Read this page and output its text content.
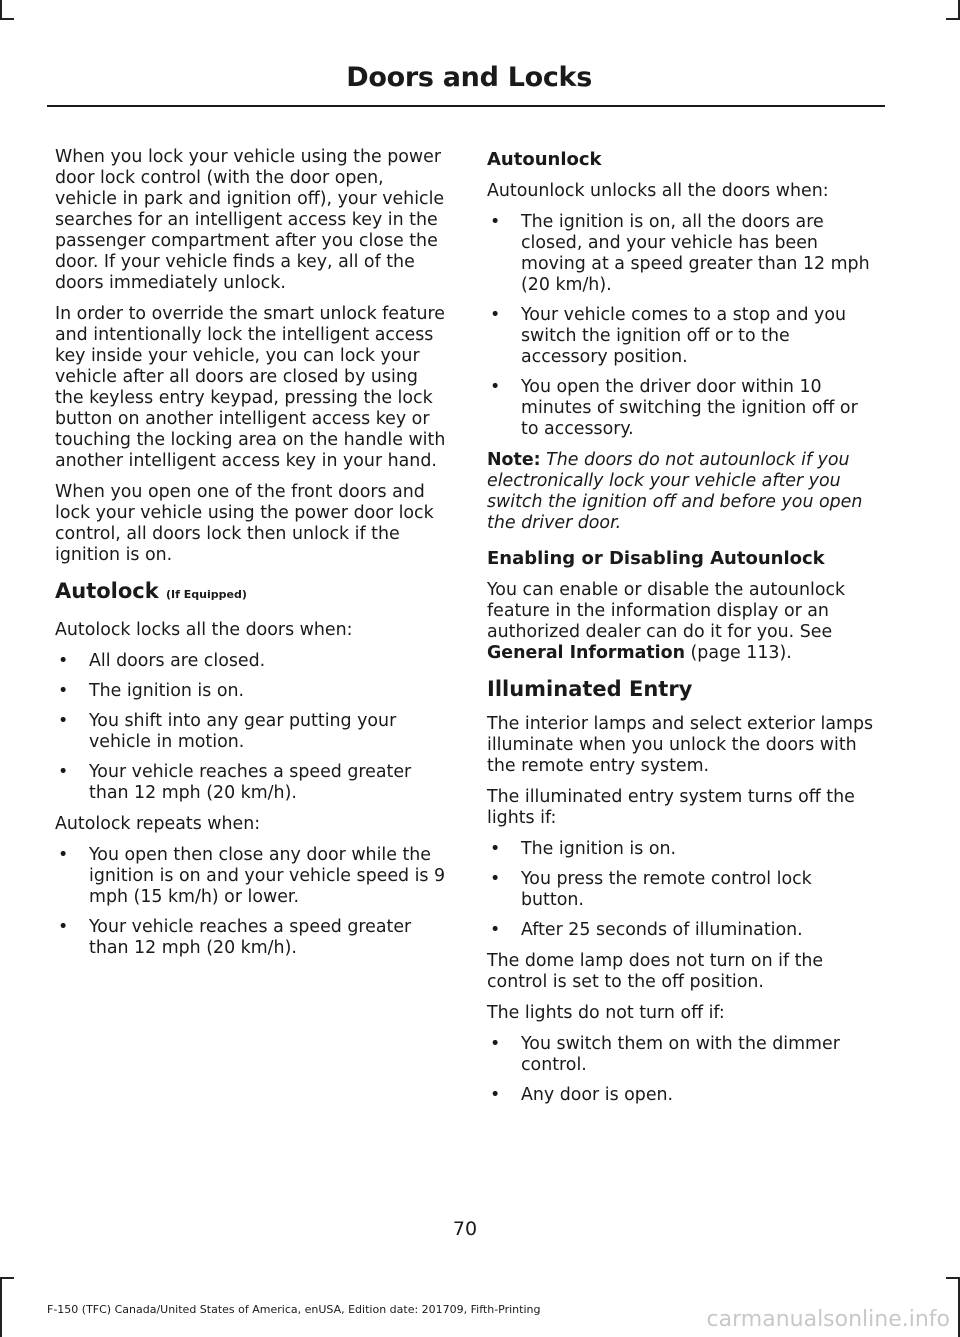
Doors and Locks

When you lock your vehicle using the power door lock control (with the door open, vehicle in park and ignition off), your vehicle searches for an intelligent access key in the passenger compartment after you close the door. If your vehicle finds a key, all of the doors immediately unlock.

In order to override the smart unlock feature and intentionally lock the intelligent access key inside your vehicle, you can lock your vehicle after all doors are closed by using the keyless entry keypad, pressing the lock button on another intelligent access key or touching the locking area on the handle with another intelligent access key in your hand.

When you open one of the front doors and lock your vehicle using the power door lock control, all doors lock then unlock if the ignition is on.

Autolock (If Equipped)

Autolock locks all the doors when:

• All doors are closed.
• The ignition is on.
• You shift into any gear putting your vehicle in motion.
• Your vehicle reaches a speed greater than 12 mph (20 km/h).

Autolock repeats when:

• You open then close any door while the ignition is on and your vehicle speed is 9 mph (15 km/h) or lower.
• Your vehicle reaches a speed greater than 12 mph (20 km/h).
Autounlock

Autounlock unlocks all the doors when:

• The ignition is on, all the doors are closed, and your vehicle has been moving at a speed greater than 12 mph (20 km/h).
• Your vehicle comes to a stop and you switch the ignition off or to the accessory position.
• You open the driver door within 10 minutes of switching the ignition off or to accessory.

Note: The doors do not autounlock if you electronically lock your vehicle after you switch the ignition off and before you open the driver door.

Enabling or Disabling Autounlock

You can enable or disable the autounlock feature in the information display or an authorized dealer can do it for you. See General Information (page 113).

Illuminated Entry

The interior lamps and select exterior lamps illuminate when you unlock the doors with the remote entry system.

The illuminated entry system turns off the lights if:

• The ignition is on.
• You press the remote control lock button.
• After 25 seconds of illumination.

The dome lamp does not turn on if the control is set to the off position.

The lights do not turn off if:

• You switch them on with the dimmer control.
• Any door is open.
70
F-150 (TFC) Canada/United States of America, enUSA, Edition date: 201709, Fifth-Printing	carmanualsonline.info
